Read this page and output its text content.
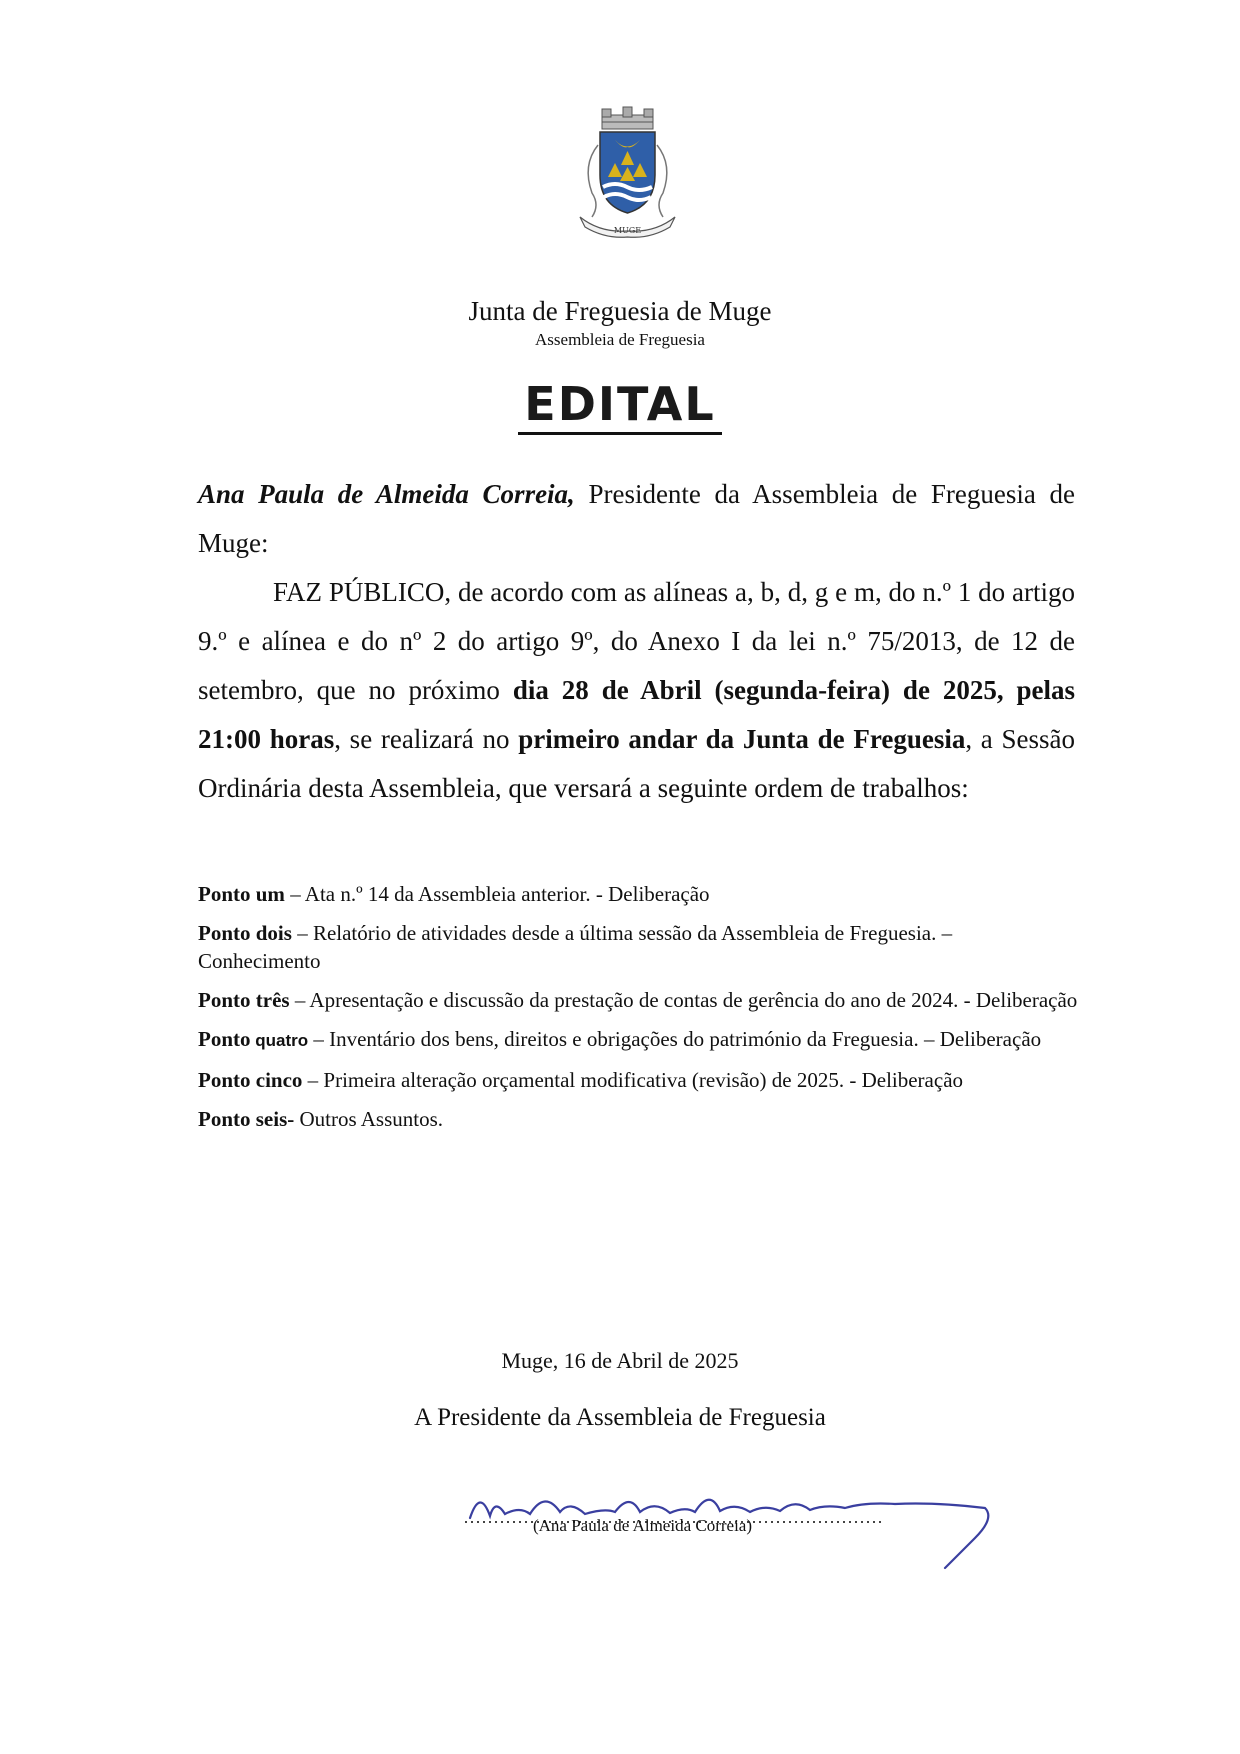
MUGE
Junta de Freguesia de Muge
Assembleia de Freguesia
EDITAL

Ana Paula de Almeida Correia, Presidente da Assembleia de Freguesia de

Muge:

FAZ PÚBLICO, de acordo com as alíneas a, b, d, g e m, do n.º 1 do artigo 9.º e alínea e do nº 2 do artigo 9º, do Anexo I da lei n.º 75/2013, de 12 de setembro, que no próximo dia 28 de Abril (segunda-feira) de 2025, pelas 21:00 horas, se realizará no primeiro andar da Junta de Freguesia, a Sessão Ordinária desta Assembleia, que versará a seguinte ordem de trabalhos:

Ponto um – Ata n.º 14 da Assembleia anterior. - Deliberação

Ponto dois – Relatório de atividades desde a última sessão da Assembleia de Freguesia. – Conhecimento

Ponto três – Apresentação e discussão da prestação de contas de gerência do ano de 2024. - Deliberação

Ponto quatro – Inventário dos bens, direitos e obrigações do património da Freguesia. – Deliberação

Ponto cinco – Primeira alteração orçamental modificativa (revisão) de 2025. - Deliberação

Ponto seis- Outros Assuntos.

Muge, 16 de Abril de 2025
A Presidente da Assembleia de Freguesia
Ana Paula de Almeida
(Ana Paula de Almeida Correia)
